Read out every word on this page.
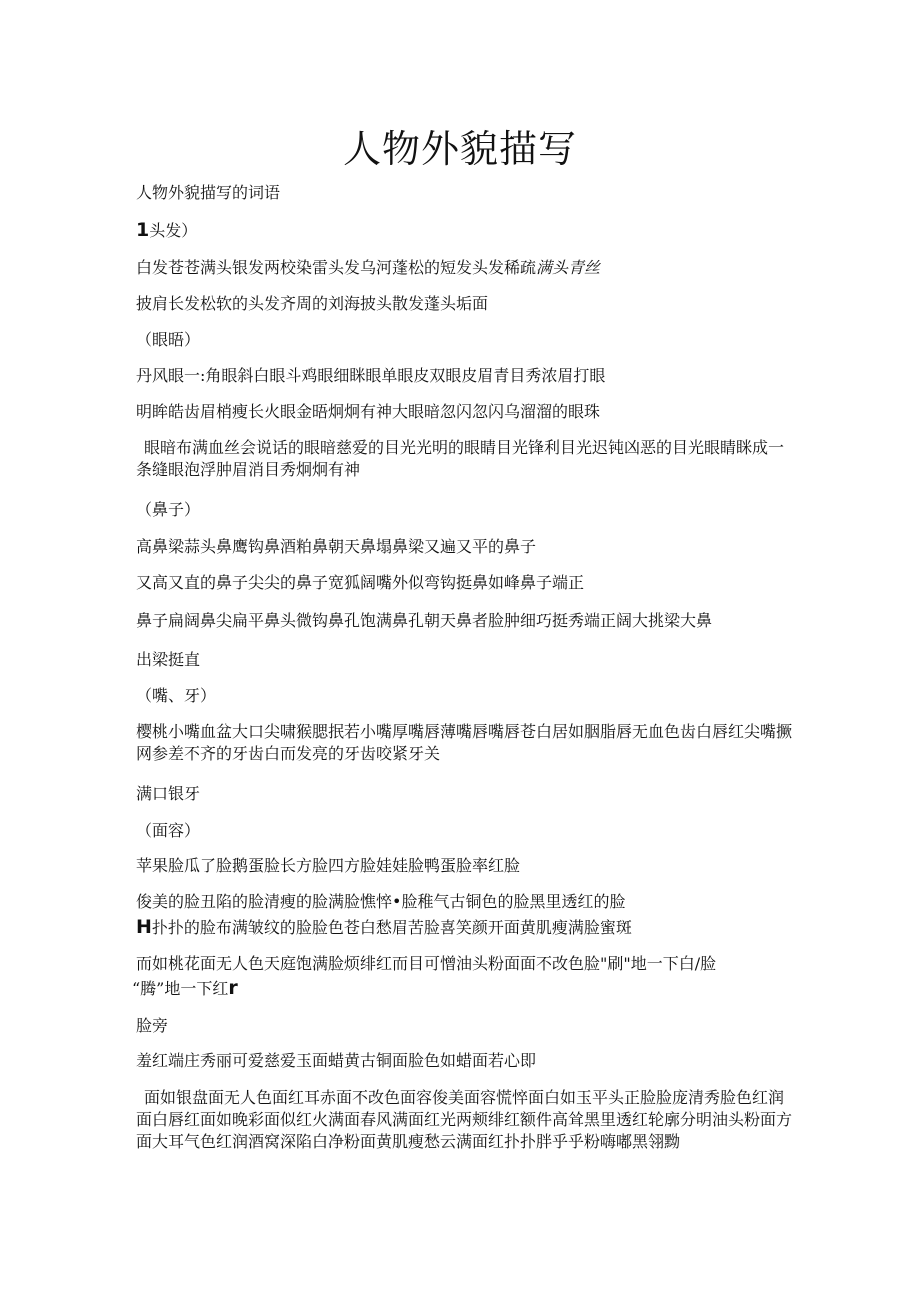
人物外貌描写

人物外貌描写的词语

1头发）

白发苍苍满头银发两校染雷头发乌河蓬松的短发头发稀疏满头青丝

披肩长发松软的头发齐周的刘海披头散发蓬头垢面

（眼晤）

丹风眼一:角眼斜白眼斗鸡眼细眯眼单眼皮双眼皮眉青目秀浓眉打眼

明眸皓齿眉梢瘦长火眼金晤炯炯有神大眼暗忽闪忽闪乌溜溜的眼珠

眼暗布满血丝会说话的眼暗慈爱的目光光明的眼睛目光锋利目光迟钝凶恶的目光眼睛眯成一条缝眼泡浮肿眉消目秀炯炯有神

（鼻子）

高鼻梁蒜头鼻鹰钩鼻酒粕鼻朝天鼻塌鼻梁又遍又平的鼻子

又高又直的鼻子尖尖的鼻子宽狐阔嘴外似弯钩挺鼻如峰鼻子端正

鼻子扁阔鼻尖扁平鼻头微钩鼻孔饱满鼻孔朝天鼻者脸肿细巧挺秀端正阔大挑梁大鼻

出梁挺直

（嘴、牙）

樱桃小嘴血盆大口尖啸猴腮抿若小嘴厚嘴唇薄嘴唇嘴唇苍白居如胭脂唇无血色齿白唇红尖嘴撅网参差不齐的牙齿白而发亮的牙齿咬紧牙关

满口银牙

（面容）

苹果脸瓜了脸鹅蛋脸长方脸四方脸娃娃脸鸭蛋脸率红脸

俊美的脸丑陷的脸清瘦的脸满脸憔悴•脸稚气古铜色的脸黑里透红的脸

H扑扑的脸布满皱纹的脸脸色苍白愁眉苦脸喜笑颜开面黄肌瘦满脸蜜斑

而如桃花面无人色天庭饱满脸烦绯红而目可憎油头粉面面不改色脸"刷"地一下白/脸

“腾”地一下红r

脸旁

羞红端庄秀丽可爱慈爱玉面蜡黄古铜面脸色如蜡面若心即

面如银盘面无人色面红耳赤面不改色面容俊美面容慌悴面白如玉平头正脸脸庞清秀脸色红润面白唇红面如晚彩面似红火满面春风满面红光两颊绯红额件高耸黑里透红轮廓分明油头粉面方面大耳气色红润酒窝深陷白净粉面黄肌瘦愁云满面红扑扑胖乎乎粉嗨嘟黑翎黝
